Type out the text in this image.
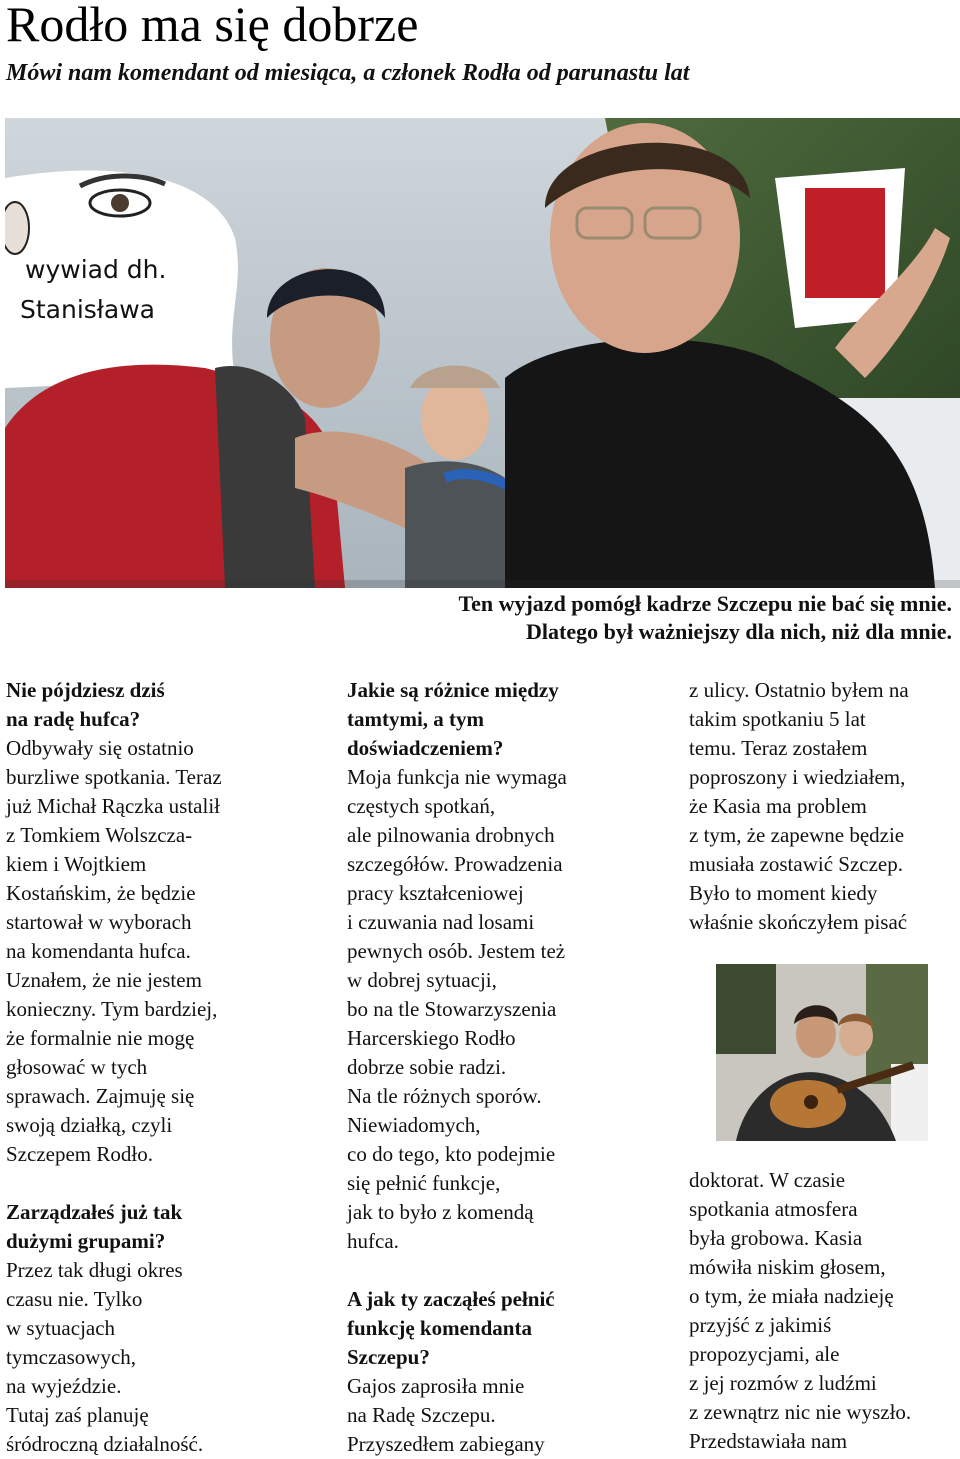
Rodło ma się dobrze
Mówi nam komendant od miesiąca, a członek Rodła od parunastu lat
wywiad dh.
Stanisława
Ten wyjazd pomógł kadrze Szczepu nie bać się mnie.
Dlatego był ważniejszy dla nich, niż dla mnie.

Nie pójdziesz dziś

na radę hufca?

Odbywały się ostatnio

burzliwe spotkania. Teraz

już Michał Rączka ustalił

z Tomkiem Wolszcza-

kiem i Wojtkiem

Kostańskim, że będzie

startował w wyborach

na komendanta hufca.

Uznałem, że nie jestem

konieczny. Tym bardziej,

że formalnie nie mogę

głosować w tych

sprawach. Zajmuję się

swoją działką, czyli

Szczepem Rodło.

Zarządzałeś już tak

dużymi grupami?

Przez tak długi okres

czasu nie. Tylko

w sytuacjach

tymczasowych,

na wyjeździe.

Tutaj zaś planuję

śródroczną działalność.

Jakie są różnice między

tamtymi, a tym

doświadczeniem?

Moja funkcja nie wymaga

częstych spotkań,

ale pilnowania drobnych

szczegółów. Prowadzenia

pracy kształceniowej

i czuwania nad losami

pewnych osób. Jestem też

w dobrej sytuacji,

bo na tle Stowarzyszenia

Harcerskiego Rodło

dobrze sobie radzi.

Na tle różnych sporów.

Niewiadomych,

co do tego, kto podejmie

się pełnić funkcje,

jak to było z komendą

hufca.

A jak ty zacząłeś pełnić

funkcję komendanta

Szczepu?

Gajos zaprosiła mnie

na Radę Szczepu.

Przyszedłem zabiegany

z ulicy. Ostatnio byłem na

takim spotkaniu 5 lat

temu. Teraz zostałem

poproszony i wiedziałem,

że Kasia ma problem

z tym, że zapewne będzie

musiała zostawić Szczep.

Było to moment kiedy

właśnie skończyłem pisać

doktorat. W czasie

spotkania atmosfera

była grobowa. Kasia

mówiła niskim głosem,

o tym, że miała nadzieję

przyjść z jakimiś

propozycjami, ale

z jej rozmów z ludźmi

z zewnątrz nic nie wyszło.

Przedstawiała nam
